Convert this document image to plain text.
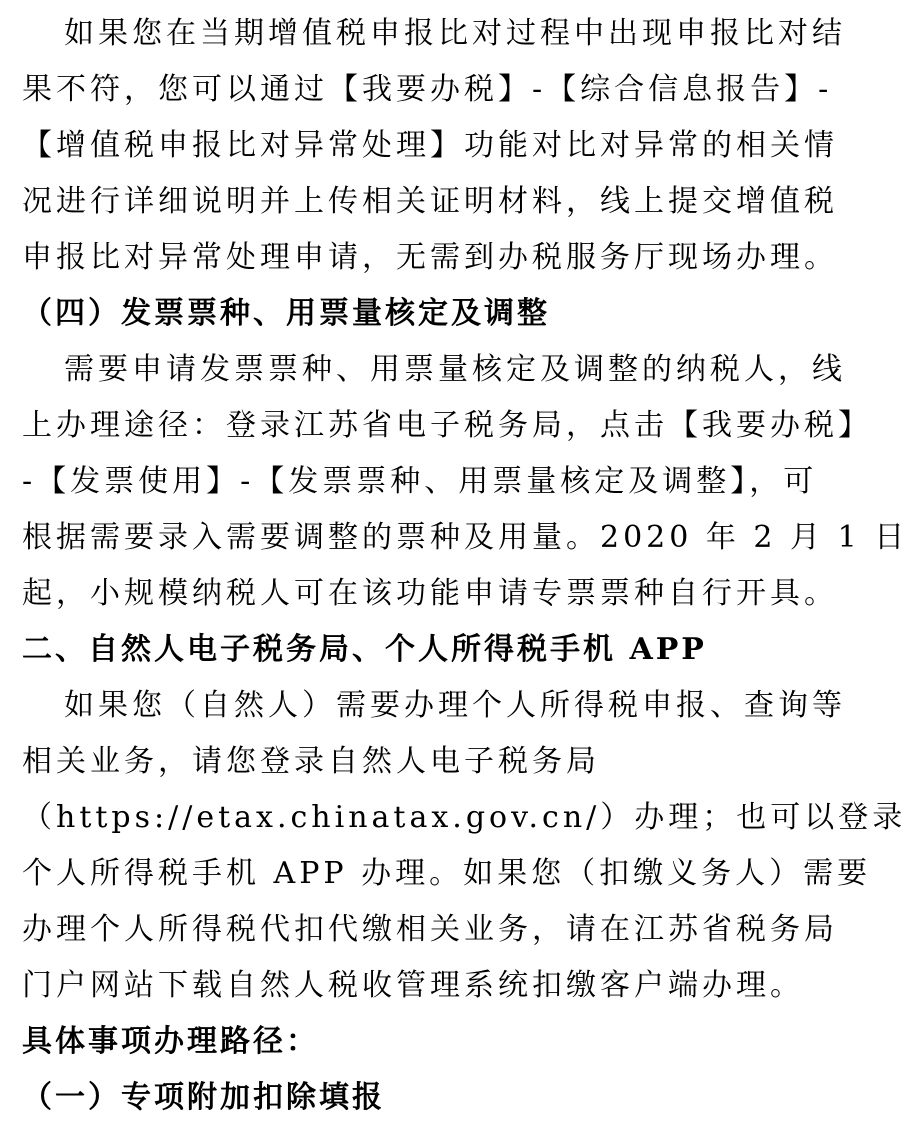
如果您在当期增值税申报比对过程中出现申报比对结
果不符，您可以通过【我要办税】-【综合信息报告】-
【增值税申报比对异常处理】功能对比对异常的相关情
况进行详细说明并上传相关证明材料，线上提交增值税
申报比对异常处理申请，无需到办税服务厅现场办理。
（四）发票票种、用票量核定及调整
需要申请发票票种、用票量核定及调整的纳税人，线
上办理途径：登录江苏省电子税务局，点击【我要办税】
-【发票使用】-【发票票种、用票量核定及调整】，可
根据需要录入需要调整的票种及用量。2020 年 2 月 1 日
起，小规模纳税人可在该功能申请专票票种自行开具。
二、自然人电子税务局、个人所得税手机 APP
如果您（自然人）需要办理个人所得税申报、查询等
相关业务，请您登录自然人电子税务局
（https://etax.chinatax.gov.cn/）办理；也可以登录
个人所得税手机 APP 办理。如果您（扣缴义务人）需要
办理个人所得税代扣代缴相关业务，请在江苏省税务局
门户网站下载自然人税收管理系统扣缴客户端办理。
具体事项办理路径：
（一）专项附加扣除填报
